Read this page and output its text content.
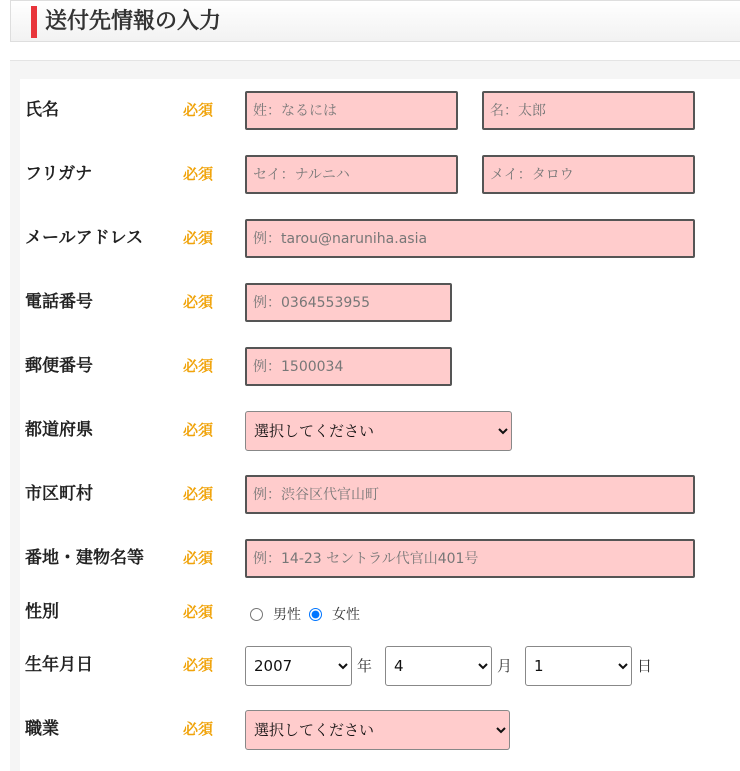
送付先情報の入力
氏名	必須
姓：なるには
名：太郎
フリガナ	必須
セイ：ナルニハ
メイ：タロウ
メールアドレス	必須
例：tarou@naruniha.asia
電話番号	必須
例：0364553955
郵便番号	必須
例：1500034
都道府県	必須
選択してください
市区町村	必須
例：渋谷区代官山町
番地・建物名等	必須
例：14-23 セントラル代官山401号
性別	必須	男性 女性
生年月日	必須
2007	年
4	月
1	日
職業	必須
選択してください
